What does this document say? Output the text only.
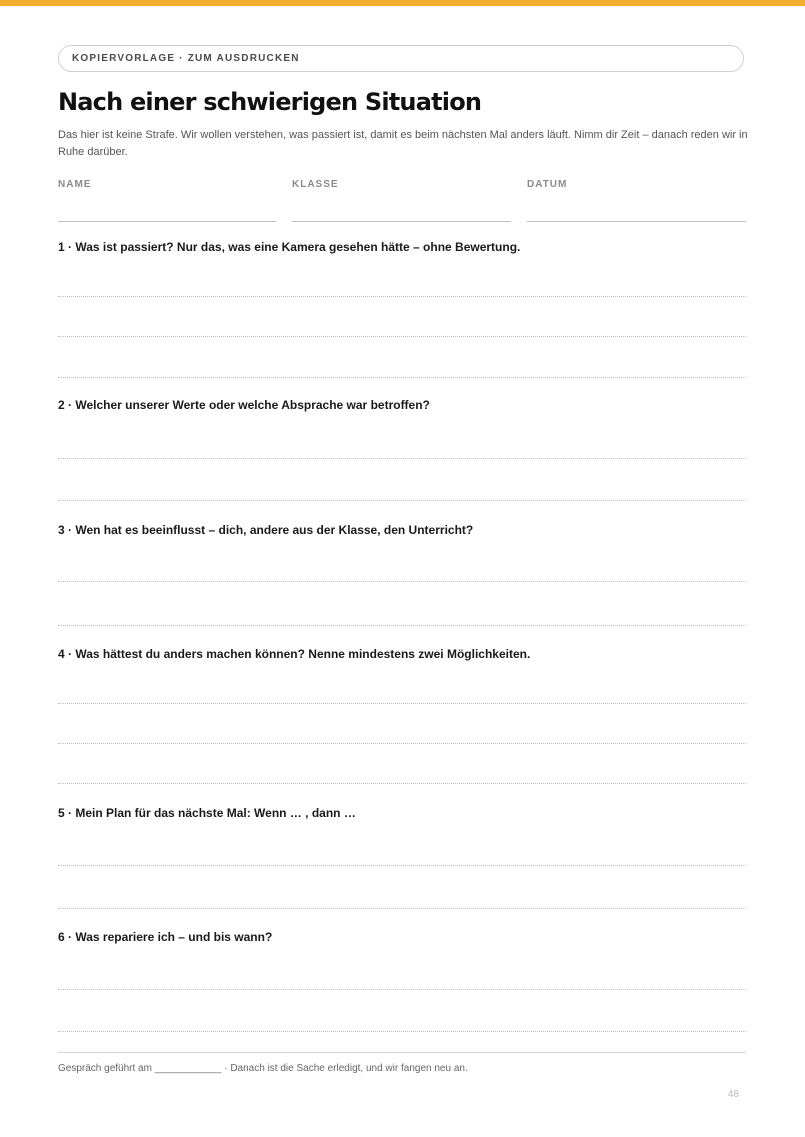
KOPIERVORLAGE · ZUM AUSDRUCKEN
Nach einer schwierigen Situation

Das hier ist keine Strafe. Wir wollen verstehen, was passiert ist, damit es beim nächsten Mal anders läuft. Nimm dir Zeit – danach reden wir in Ruhe darüber.

NAME	KLASSE	DATUM

1 · Was ist passiert? Nur das, was eine Kamera gesehen hätte – ohne Bewertung.

2 · Welcher unserer Werte oder welche Absprache war betroffen?

3 · Wen hat es beeinflusst – dich, andere aus der Klasse, den Unterricht?

4 · Was hättest du anders machen können? Nenne mindestens zwei Möglichkeiten.

5 · Mein Plan für das nächste Mal: Wenn … , dann …

6 · Was repariere ich – und bis wann?

Gespräch geführt am ____________ · Danach ist die Sache erledigt, und wir fangen neu an.
48
